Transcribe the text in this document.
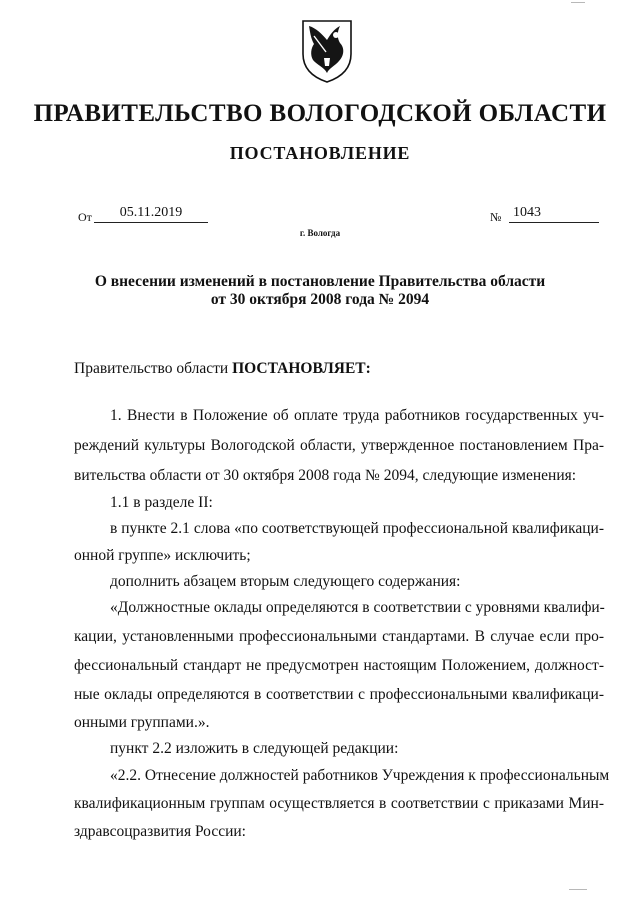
ПРАВИТЕЛЬСТВО ВОЛОГОДСКОЙ ОБЛАСТИ
ПОСТАНОВЛЕНИЕ
От	05.11.2019	№ 1043
г. Вологда
О внесении изменений в постановление Правительства области
от 30 октября 2008 года № 2094
Правительство области ПОСТАНОВЛЯЕТ:
1. Внести в Положение об оплате труда работников государственных уч-
реждений культуры Вологодской области, утвержденное постановлением Пра-
вительства области от 30 октября 2008 года № 2094, следующие изменения:
1.1 в разделе II:
в пункте 2.1 слова «по соответствующей профессиональной квалификаци-
онной группе» исключить;
дополнить абзацем вторым следующего содержания:
«Должностные оклады определяются в соответствии с уровнями квалифи-
кации, установленными профессиональными стандартами. В случае если про-
фессиональный стандарт не предусмотрен настоящим Положением, должност-
ные оклады определяются в соответствии с профессиональными квалификаци-
онными группами.».
пункт 2.2 изложить в следующей редакции:
«2.2. Отнесение должностей работников Учреждения к профессиональным
квалификационным группам осуществляется в соответствии с приказами Мин-
здравсоцразвития России:
